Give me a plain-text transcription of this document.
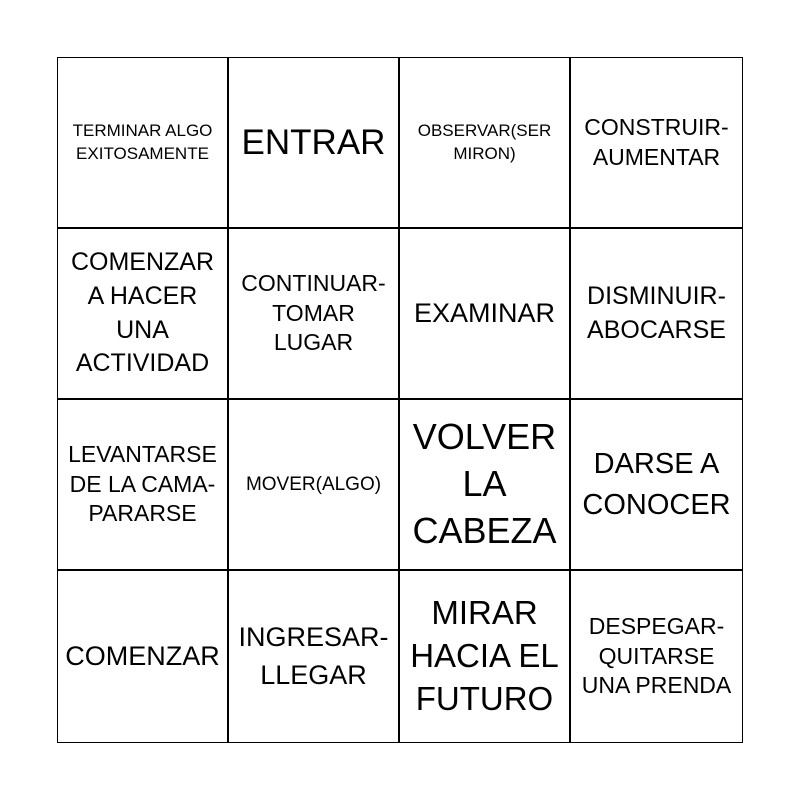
TERMINAR ALGO EXITOSAMENTE ENTRAR	OBSERVAR(SER MIRON)
CONSTRUIR- AUMENTAR
COMENZAR A HACER UNA ACTIVIDAD
CONTINUAR- TOMAR LUGAR
EXAMINAR
DISMINUIR- ABOCARSE
LEVANTARSE DE LA CAMA- PARARSE
MOVER(ALGO)
VOLVER LA CABEZA
DARSE A CONOCER
COMENZAR
INGRESAR- LLEGAR
MIRAR HACIA EL FUTURO
DESPEGAR- QUITARSE UNA PRENDA
